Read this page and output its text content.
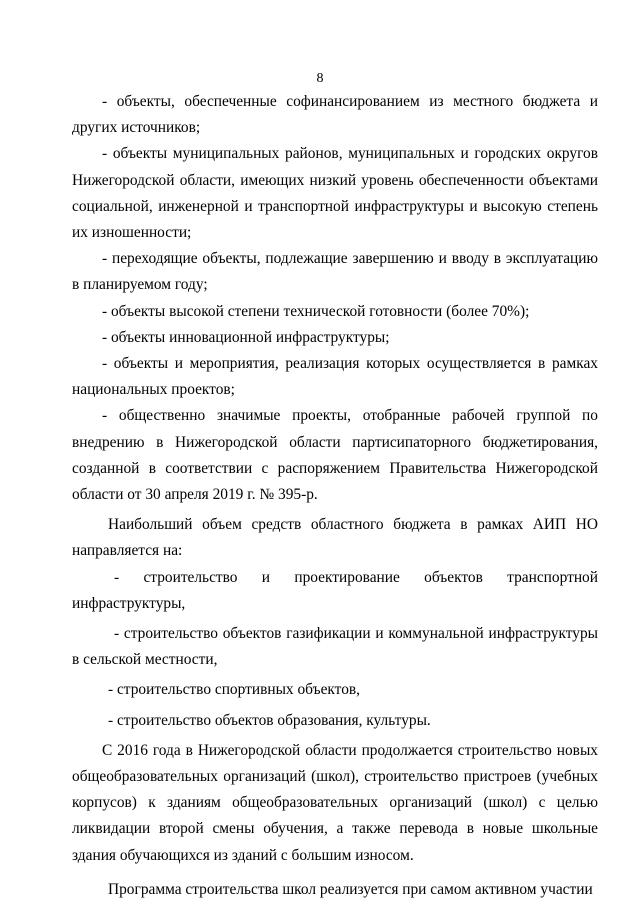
8

- объекты, обеспеченные софинансированием из местного бюджета и других источников;

- объекты муниципальных районов, муниципальных и городских округов Нижегородской области, имеющих низкий уровень обеспеченности объектами социальной, инженерной и транспортной инфраструктуры и высокую степень их изношенности;

- переходящие объекты, подлежащие завершению и вводу в эксплуатацию в планируемом году;

- объекты высокой степени технической готовности (более 70%);

- объекты инновационной инфраструктуры;

- объекты и мероприятия, реализация которых осуществляется в рамках национальных проектов;

- общественно значимые проекты, отобранные рабочей группой по внедрению в Нижегородской области партисипаторного бюджетирования, созданной в соответствии с распоряжением Правительства Нижегородской области от 30 апреля 2019 г. № 395-р.

Наибольший объем средств областного бюджета в рамках АИП НО направляется на:

- строительство и проектирование объектов транспортной инфраструктуры,

- строительство объектов газификации и коммунальной инфраструктуры в сельской местности,

- строительство спортивных объектов,

- строительство объектов образования, культуры.

С 2016 года в Нижегородской области продолжается строительство новых общеобразовательных организаций (школ), строительство пристроев (учебных корпусов) к зданиям общеобразовательных организаций (школ) с целью ликвидации второй смены обучения, а также перевода в новые школьные здания обучающихся из зданий с большим износом.

Программа строительства школ реализуется при самом активном участии
